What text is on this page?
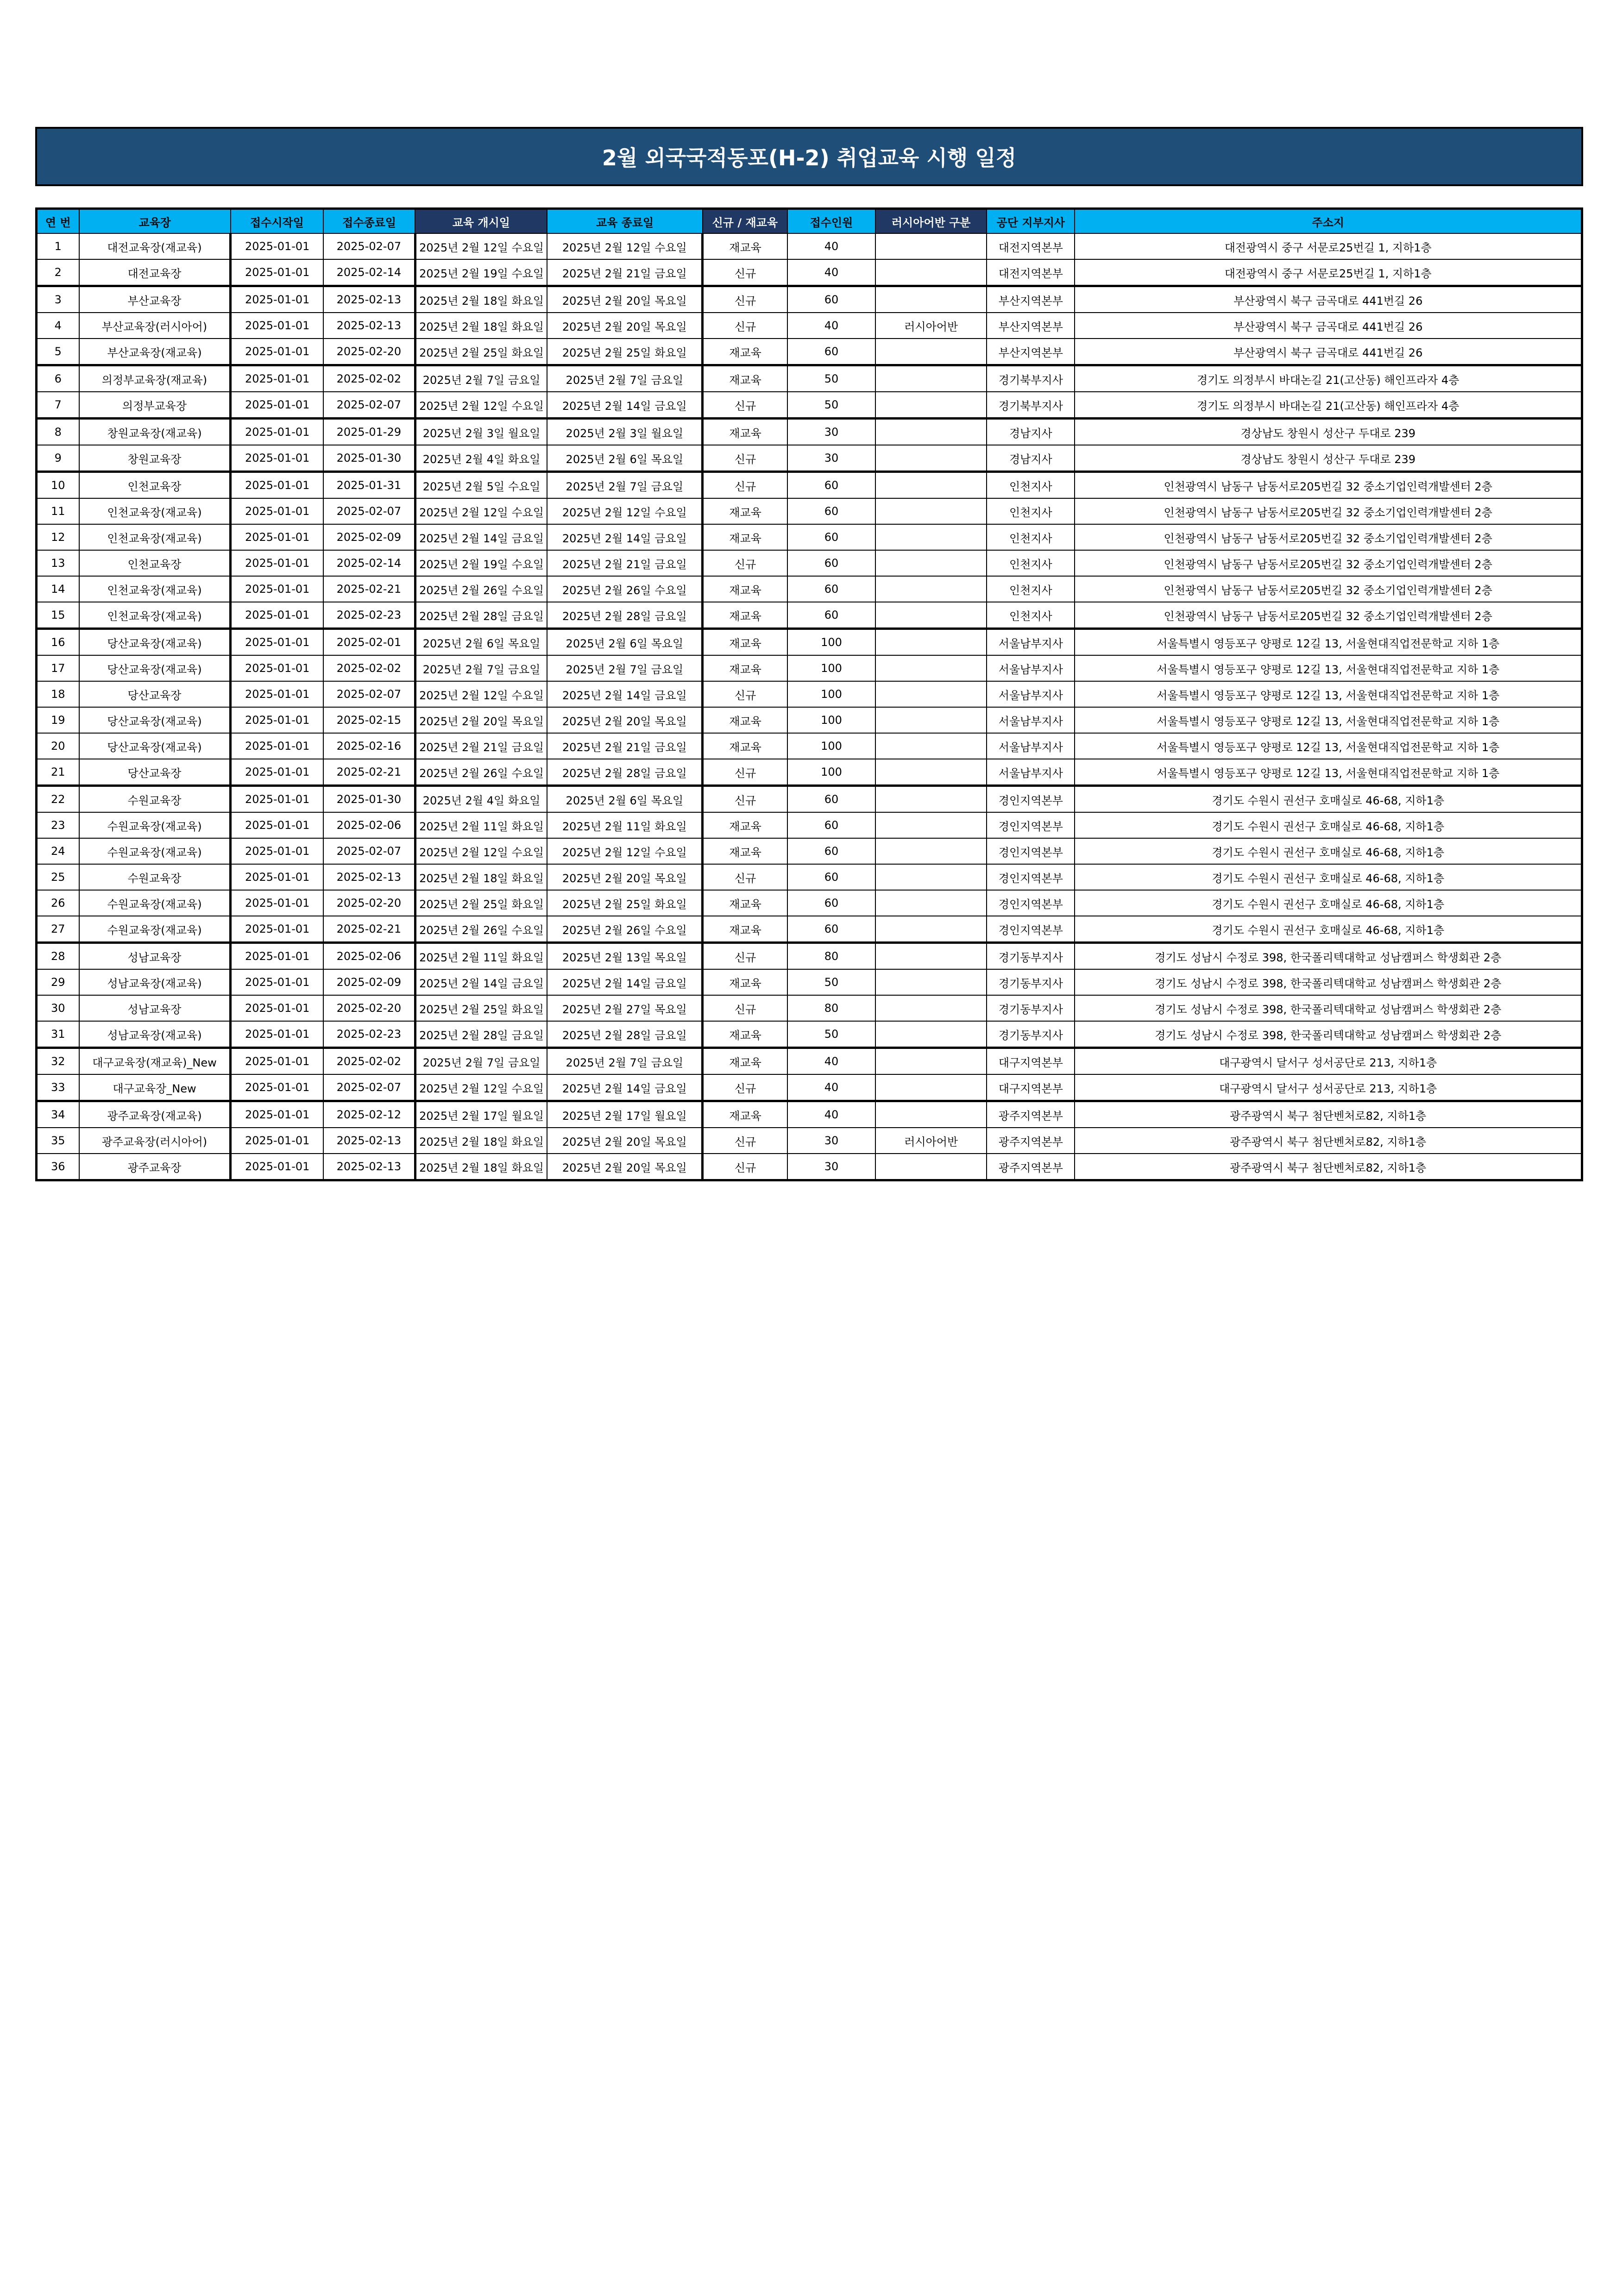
2월 외국국적동포(H-2) 취업교육 시행 일정
연 번	교육장	접수시작일	접수종료일	교육 개시일	교육 종료일	신규 / 재교육	접수인원	러시아어반 구분	공단 지부지사	주소지
1	대전교육장(재교육)	2025-01-01	2025-02-07	2025년 2월 12일 수요일	2025년 2월 12일 수요일	재교육	40		대전지역본부	대전광역시 중구 서문로25번길 1, 지하1층
2	대전교육장	2025-01-01	2025-02-14	2025년 2월 19일 수요일	2025년 2월 21일 금요일	신규	40		대전지역본부	대전광역시 중구 서문로25번길 1, 지하1층
3	부산교육장	2025-01-01	2025-02-13	2025년 2월 18일 화요일	2025년 2월 20일 목요일	신규	60		부산지역본부	부산광역시 북구 금곡대로 441번길 26
4	부산교육장(러시아어)	2025-01-01	2025-02-13	2025년 2월 18일 화요일	2025년 2월 20일 목요일	신규	40	러시아어반	부산지역본부	부산광역시 북구 금곡대로 441번길 26
5	부산교육장(재교육)	2025-01-01	2025-02-20	2025년 2월 25일 화요일	2025년 2월 25일 화요일	재교육	60		부산지역본부	부산광역시 북구 금곡대로 441번길 26
6	의정부교육장(재교육)	2025-01-01	2025-02-02	2025년 2월 7일 금요일	2025년 2월 7일 금요일	재교육	50		경기북부지사	경기도 의정부시 바대논길 21(고산동) 해인프라자 4층
7	의정부교육장	2025-01-01	2025-02-07	2025년 2월 12일 수요일	2025년 2월 14일 금요일	신규	50		경기북부지사	경기도 의정부시 바대논길 21(고산동) 해인프라자 4층
8	창원교육장(재교육)	2025-01-01	2025-01-29	2025년 2월 3일 월요일	2025년 2월 3일 월요일	재교육	30		경남지사	경상남도 창원시 성산구 두대로 239
9	창원교육장	2025-01-01	2025-01-30	2025년 2월 4일 화요일	2025년 2월 6일 목요일	신규	30		경남지사	경상남도 창원시 성산구 두대로 239
10	인천교육장	2025-01-01	2025-01-31	2025년 2월 5일 수요일	2025년 2월 7일 금요일	신규	60		인천지사	인천광역시 남동구 남동서로205번길 32 중소기업인력개발센터 2층
11	인천교육장(재교육)	2025-01-01	2025-02-07	2025년 2월 12일 수요일	2025년 2월 12일 수요일	재교육	60		인천지사	인천광역시 남동구 남동서로205번길 32 중소기업인력개발센터 2층
12	인천교육장(재교육)	2025-01-01	2025-02-09	2025년 2월 14일 금요일	2025년 2월 14일 금요일	재교육	60		인천지사	인천광역시 남동구 남동서로205번길 32 중소기업인력개발센터 2층
13	인천교육장	2025-01-01	2025-02-14	2025년 2월 19일 수요일	2025년 2월 21일 금요일	신규	60		인천지사	인천광역시 남동구 남동서로205번길 32 중소기업인력개발센터 2층
14	인천교육장(재교육)	2025-01-01	2025-02-21	2025년 2월 26일 수요일	2025년 2월 26일 수요일	재교육	60		인천지사	인천광역시 남동구 남동서로205번길 32 중소기업인력개발센터 2층
15	인천교육장(재교육)	2025-01-01	2025-02-23	2025년 2월 28일 금요일	2025년 2월 28일 금요일	재교육	60		인천지사	인천광역시 남동구 남동서로205번길 32 중소기업인력개발센터 2층
16	당산교육장(재교육)	2025-01-01	2025-02-01	2025년 2월 6일 목요일	2025년 2월 6일 목요일	재교육	100		서울남부지사	서울특별시 영등포구 양평로 12길 13, 서울현대직업전문학교 지하 1층
17	당산교육장(재교육)	2025-01-01	2025-02-02	2025년 2월 7일 금요일	2025년 2월 7일 금요일	재교육	100		서울남부지사	서울특별시 영등포구 양평로 12길 13, 서울현대직업전문학교 지하 1층
18	당산교육장	2025-01-01	2025-02-07	2025년 2월 12일 수요일	2025년 2월 14일 금요일	신규	100		서울남부지사	서울특별시 영등포구 양평로 12길 13, 서울현대직업전문학교 지하 1층
19	당산교육장(재교육)	2025-01-01	2025-02-15	2025년 2월 20일 목요일	2025년 2월 20일 목요일	재교육	100		서울남부지사	서울특별시 영등포구 양평로 12길 13, 서울현대직업전문학교 지하 1층
20	당산교육장(재교육)	2025-01-01	2025-02-16	2025년 2월 21일 금요일	2025년 2월 21일 금요일	재교육	100		서울남부지사	서울특별시 영등포구 양평로 12길 13, 서울현대직업전문학교 지하 1층
21	당산교육장	2025-01-01	2025-02-21	2025년 2월 26일 수요일	2025년 2월 28일 금요일	신규	100		서울남부지사	서울특별시 영등포구 양평로 12길 13, 서울현대직업전문학교 지하 1층
22	수원교육장	2025-01-01	2025-01-30	2025년 2월 4일 화요일	2025년 2월 6일 목요일	신규	60		경인지역본부	경기도 수원시 권선구 호매실로 46-68, 지하1층
23	수원교육장(재교육)	2025-01-01	2025-02-06	2025년 2월 11일 화요일	2025년 2월 11일 화요일	재교육	60		경인지역본부	경기도 수원시 권선구 호매실로 46-68, 지하1층
24	수원교육장(재교육)	2025-01-01	2025-02-07	2025년 2월 12일 수요일	2025년 2월 12일 수요일	재교육	60		경인지역본부	경기도 수원시 권선구 호매실로 46-68, 지하1층
25	수원교육장	2025-01-01	2025-02-13	2025년 2월 18일 화요일	2025년 2월 20일 목요일	신규	60		경인지역본부	경기도 수원시 권선구 호매실로 46-68, 지하1층
26	수원교육장(재교육)	2025-01-01	2025-02-20	2025년 2월 25일 화요일	2025년 2월 25일 화요일	재교육	60		경인지역본부	경기도 수원시 권선구 호매실로 46-68, 지하1층
27	수원교육장(재교육)	2025-01-01	2025-02-21	2025년 2월 26일 수요일	2025년 2월 26일 수요일	재교육	60		경인지역본부	경기도 수원시 권선구 호매실로 46-68, 지하1층
28	성남교육장	2025-01-01	2025-02-06	2025년 2월 11일 화요일	2025년 2월 13일 목요일	신규	80		경기동부지사	경기도 성남시 수정로 398, 한국폴리텍대학교 성남캠퍼스 학생회관 2층
29	성남교육장(재교육)	2025-01-01	2025-02-09	2025년 2월 14일 금요일	2025년 2월 14일 금요일	재교육	50		경기동부지사	경기도 성남시 수정로 398, 한국폴리텍대학교 성남캠퍼스 학생회관 2층
30	성남교육장	2025-01-01	2025-02-20	2025년 2월 25일 화요일	2025년 2월 27일 목요일	신규	80		경기동부지사	경기도 성남시 수정로 398, 한국폴리텍대학교 성남캠퍼스 학생회관 2층
31	성남교육장(재교육)	2025-01-01	2025-02-23	2025년 2월 28일 금요일	2025년 2월 28일 금요일	재교육	50		경기동부지사	경기도 성남시 수정로 398, 한국폴리텍대학교 성남캠퍼스 학생회관 2층
32	대구교육장(재교육)_New	2025-01-01	2025-02-02	2025년 2월 7일 금요일	2025년 2월 7일 금요일	재교육	40		대구지역본부	대구광역시 달서구 성서공단로 213, 지하1층
33	대구교육장_New	2025-01-01	2025-02-07	2025년 2월 12일 수요일	2025년 2월 14일 금요일	신규	40		대구지역본부	대구광역시 달서구 성서공단로 213, 지하1층
34	광주교육장(재교육)	2025-01-01	2025-02-12	2025년 2월 17일 월요일	2025년 2월 17일 월요일	재교육	40		광주지역본부	광주광역시 북구 첨단벤처로82, 지하1층
35	광주교육장(러시아어)	2025-01-01	2025-02-13	2025년 2월 18일 화요일	2025년 2월 20일 목요일	신규	30	러시아어반	광주지역본부	광주광역시 북구 첨단벤처로82, 지하1층
36	광주교육장	2025-01-01	2025-02-13	2025년 2월 18일 화요일	2025년 2월 20일 목요일	신규	30		광주지역본부	광주광역시 북구 첨단벤처로82, 지하1층
